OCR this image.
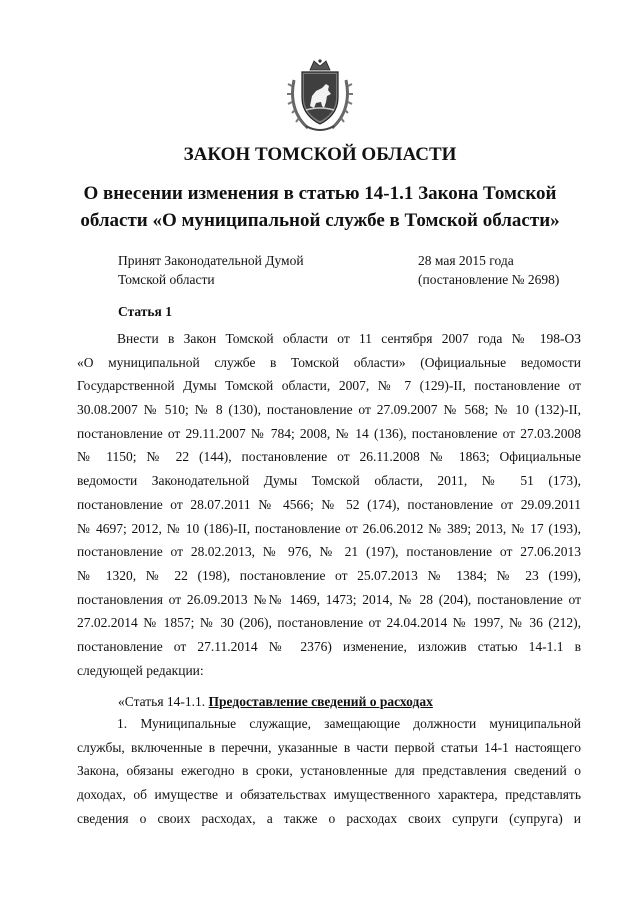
ЗАКОН ТОМСКОЙ ОБЛАСТИ
О внесении изменения в статью 14-1.1 Закона Томской
области «О муниципальной службе в Томской области»
Принят Законодательной Думой
Томской области
28 мая 2015 года
(постановление № 2698)
Статья 1
Внести в Закон Томской области от 11 сентября 2007 года № 198-ОЗ
«О муниципальной службе в Томской области» (Официальные ведомости
Государственной Думы Томской области, 2007, № 7 (129)-II, постановление от
30.08.2007 № 510; № 8 (130), постановление от 27.09.2007 № 568; № 10 (132)-II,
постановление от 29.11.2007 № 784; 2008, № 14 (136), постановление от 27.03.2008
№ 1150; № 22 (144), постановление от 26.11.2008 № 1863; Официальные
ведомости Законодательной Думы Томской области, 2011, № 51 (173),
постановление от 28.07.2011 № 4566; № 52 (174), постановление от 29.09.2011
№ 4697; 2012, № 10 (186)-II, постановление от 26.06.2012 № 389; 2013, № 17 (193),
постановление от 28.02.2013, № 976, № 21 (197), постановление от 27.06.2013
№ 1320, № 22 (198), постановление от 25.07.2013 № 1384; № 23 (199),
постановления от 26.09.2013 №№ 1469, 1473; 2014, № 28 (204), постановление от
27.02.2014 № 1857; № 30 (206), постановление от 24.04.2014 № 1997, № 36 (212),
постановление от 27.11.2014 № 2376) изменение, изложив статью 14-1.1 в
следующей редакции:
«Статья 14-1.1. Предоставление сведений о расходах
1. Муниципальные служащие, замещающие должности муниципальной
службы, включенные в перечни, указанные в части первой статьи 14-1 настоящего
Закона, обязаны ежегодно в сроки, установленные для представления сведений о
доходах, об имуществе и обязательствах имущественного характера, представлять
сведения о своих расходах, а также о расходах своих супруги (супруга) и
